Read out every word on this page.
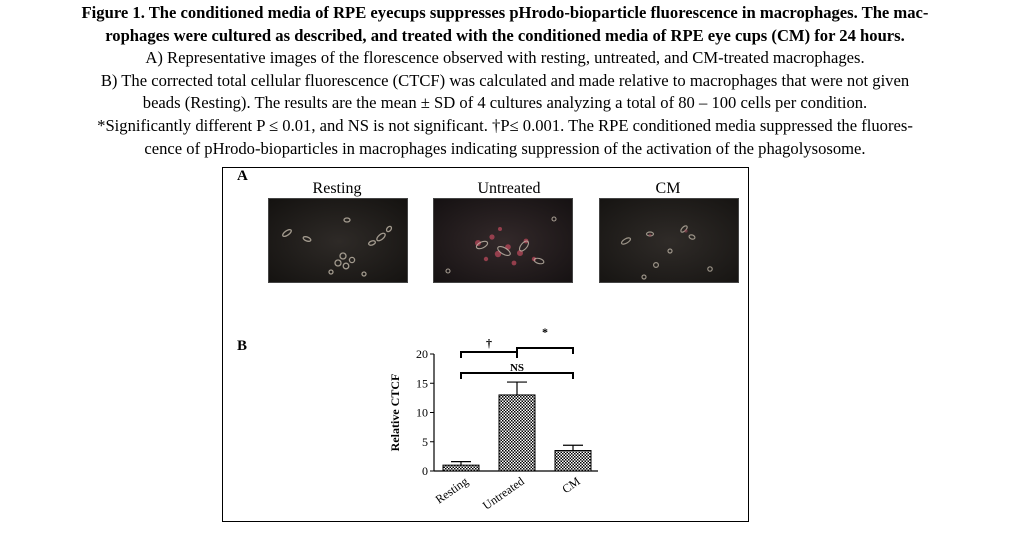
Figure 1. The conditioned media of RPE eyecups suppresses pHrodo-bioparticle fluorescence in macrophages. The mac-
rophages were cultured as described, and treated with the conditioned media of RPE eye cups (CM) for 24 hours.
A) Representative images of the florescence observed with resting, untreated, and CM-treated macrophages.
B) The corrected total cellular fluorescence (CTCF) was calculated and made relative to macrophages that were not given
beads (Resting). The results are the mean ± SD of 4 cultures analyzing a total of 80 – 100 cells per condition.
*Significantly different P ≤ 0.01, and NS is not significant. †P≤ 0.001. The RPE conditioned media suppressed the fluores-
cence of pHrodo-bioparticles in macrophages indicating suppression of the activation of the phagolysosome.
A
Resting	Untreated	CM
B
0
5
10
15
20
Relative CTCF
Resting Untreated	CM
†
*
NS
